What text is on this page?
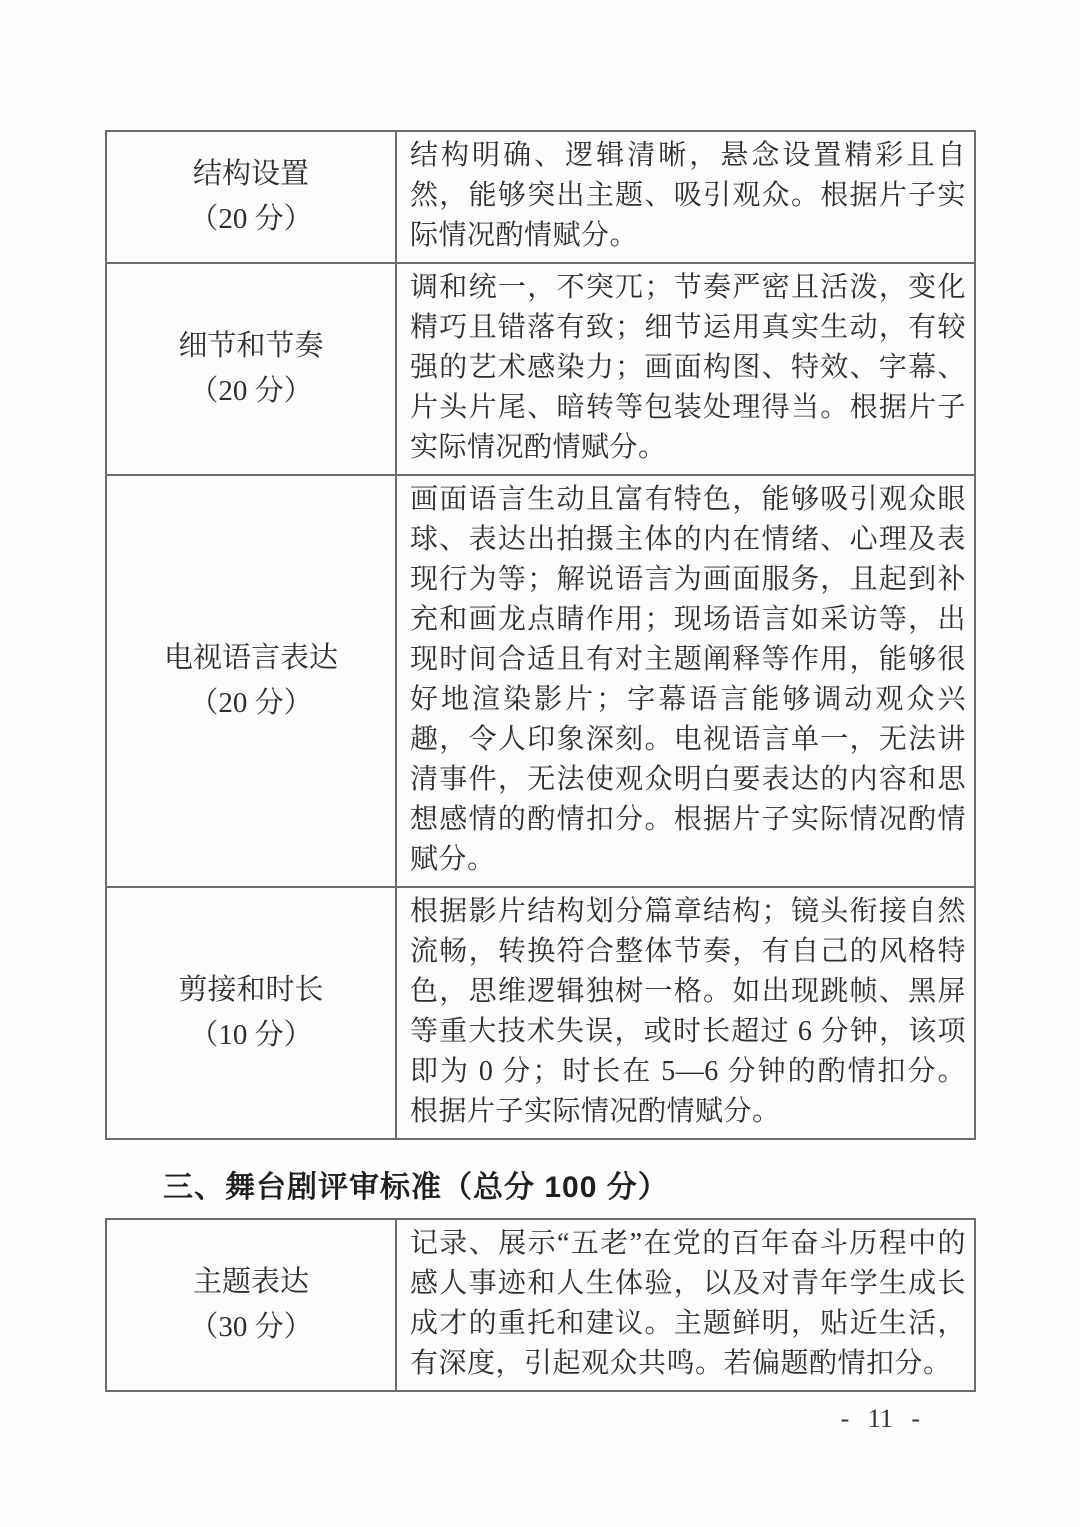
结构设置
（20 分）
结构明确、逻辑清晰，悬念设置精彩且自然，能够突出主题、吸引观众。根据片子实际情况酌情赋分。
细节和节奏
（20 分）
调和统一，不突兀；节奏严密且活泼，变化精巧且错落有致；细节运用真实生动，有较强的艺术感染力；画面构图、特效、字幕、片头片尾、暗转等包装处理得当。根据片子实际情况酌情赋分。
电视语言表达
（20 分）
画面语言生动且富有特色，能够吸引观众眼球、表达出拍摄主体的内在情绪、心理及表现行为等；解说语言为画面服务，且起到补充和画龙点睛作用；现场语言如采访等，出现时间合适且有对主题阐释等作用，能够很好地渲染影片；字幕语言能够调动观众兴趣，令人印象深刻。电视语言单一，无法讲清事件，无法使观众明白要表达的内容和思想感情的酌情扣分。根据片子实际情况酌情赋分。
剪接和时长
（10 分）
根据影片结构划分篇章结构；镜头衔接自然流畅，转换符合整体节奏，有自己的风格特色，思维逻辑独树一格。如出现跳帧、黑屏等重大技术失误，或时长超过 6 分钟，该项即为 0 分；时长在 5—6 分钟的酌情扣分。根据片子实际情况酌情赋分。
三、舞台剧评审标准（总分 100 分）
主题表达
（30 分）
记录、展示“五老”在党的百年奋斗历程中的感人事迹和人生体验，以及对青年学生成长成才的重托和建议。主题鲜明，贴近生活，有深度，引起观众共鸣。若偏题酌情扣分。
- 11 -
